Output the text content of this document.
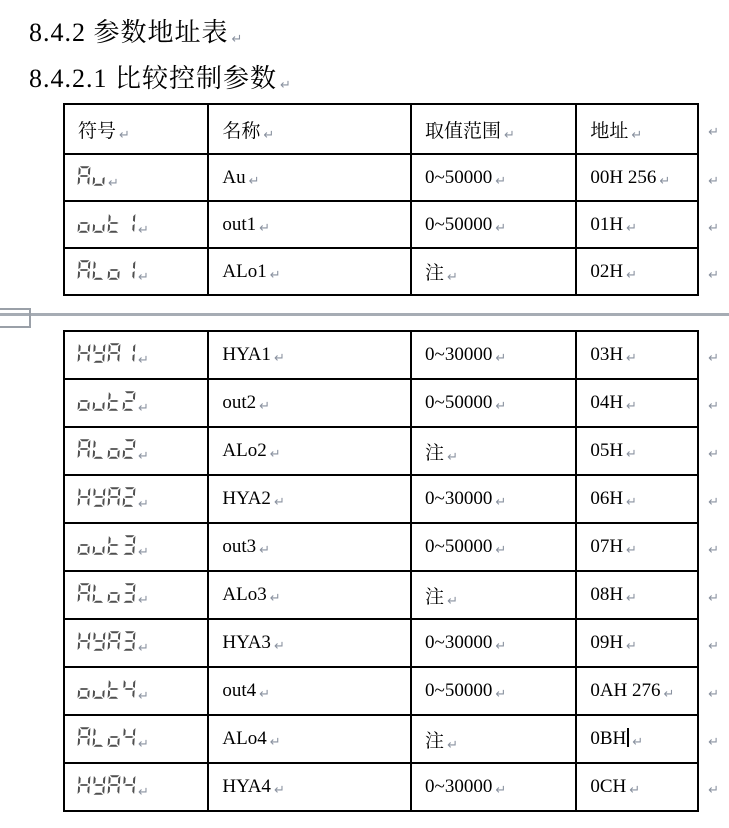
8.4.2 参数地址表 ↵
8.4.2.1 比较控制参数 ↵
符号 ↵	名称 ↵	取值范围 ↵	地址 ↵	↵

↵	Au ↵	0~50000 ↵	00H 256 ↵	↵

↵	out1 ↵	0~50000 ↵	01H ↵	↵

↵	ALo1 ↵	注 ↵	02H ↵	↵
↵	HYA1 ↵	0~30000 ↵	03H ↵	↵

↵	out2 ↵	0~50000 ↵	04H ↵	↵

↵	ALo2 ↵	注 ↵	05H ↵	↵

↵	HYA2 ↵	0~30000 ↵	06H ↵	↵

↵	out3 ↵	0~50000 ↵	07H ↵	↵

↵	ALo3 ↵	注 ↵	08H ↵	↵

↵	HYA3 ↵	0~30000 ↵	09H ↵	↵

↵	out4 ↵	0~50000 ↵	0AH 276 ↵	↵

↵	ALo4 ↵	注 ↵	0BH ↵	↵

↵	HYA4 ↵	0~30000 ↵	0CH ↵	↵
